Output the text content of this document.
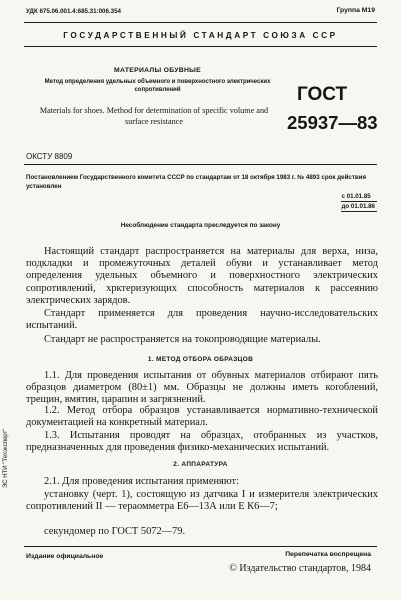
УДК 675.06.001.4:685.31:006.354	Группа М19
ГОСУДАРСТВЕННЫЙ СТАНДАРТ СОЮЗА ССР
МАТЕРИАЛЫ ОБУВНЫЕ
Метод определения удельных объемного и поверхностного электрических сопротивлений
Materials for shoes. Method for determination of specific volume and surface resistance
ГОСТ
25937—83
ОКСТУ 8809
Постановлением Государственного комитета СССР по стандартам от 18 октября 1983 г. № 4893 срок действия установлен
с 01.01.85
до 01.01.86
Несоблюдение стандарта преследуется по закону

Настоящий стандарт распространяется на материалы для верха, низа, подкладки и промежуточных деталей обуви и устанавливает метод определения удельных объемного и поверхностного электрических сопротивлений, хрктеризующих способность материалов к рассеянию электрических зарядов.

Стандарт применяется для проведения научно-исследовательских испытаний.

Стандарт не распространяется на токопроводящие материалы.

1. МЕТОД ОТБОРА ОБРАЗЦОВ

1.1. Для проведения испытания от обувных материалов отбирают пять образцов диаметром (80±1) мм. Образцы не должны иметь коroблений, трещин, вмятин, царапин и загрязнений.

1.2. Метод отбора образцов устанавливается нормативно-технической документацией на конкретный материал.

1.3. Испытания проводят на образцах, отобранных из участков, предназначенных для проведения физико-механических испытаний.

2. АППАРАТУРА

2.1. Для проведения испытания применяют:

установку (черт. 1), состоящую из датчика I и измерителя электрических сопротивлений II — тераомметра Е6—13А или Е К6—7;

секундомер по ГОСТ 5072—79.

ЭС НТИ "Техэксперт"
Издание официальное	Перепечатка воспрещена
© Издательство стандартов, 1984
